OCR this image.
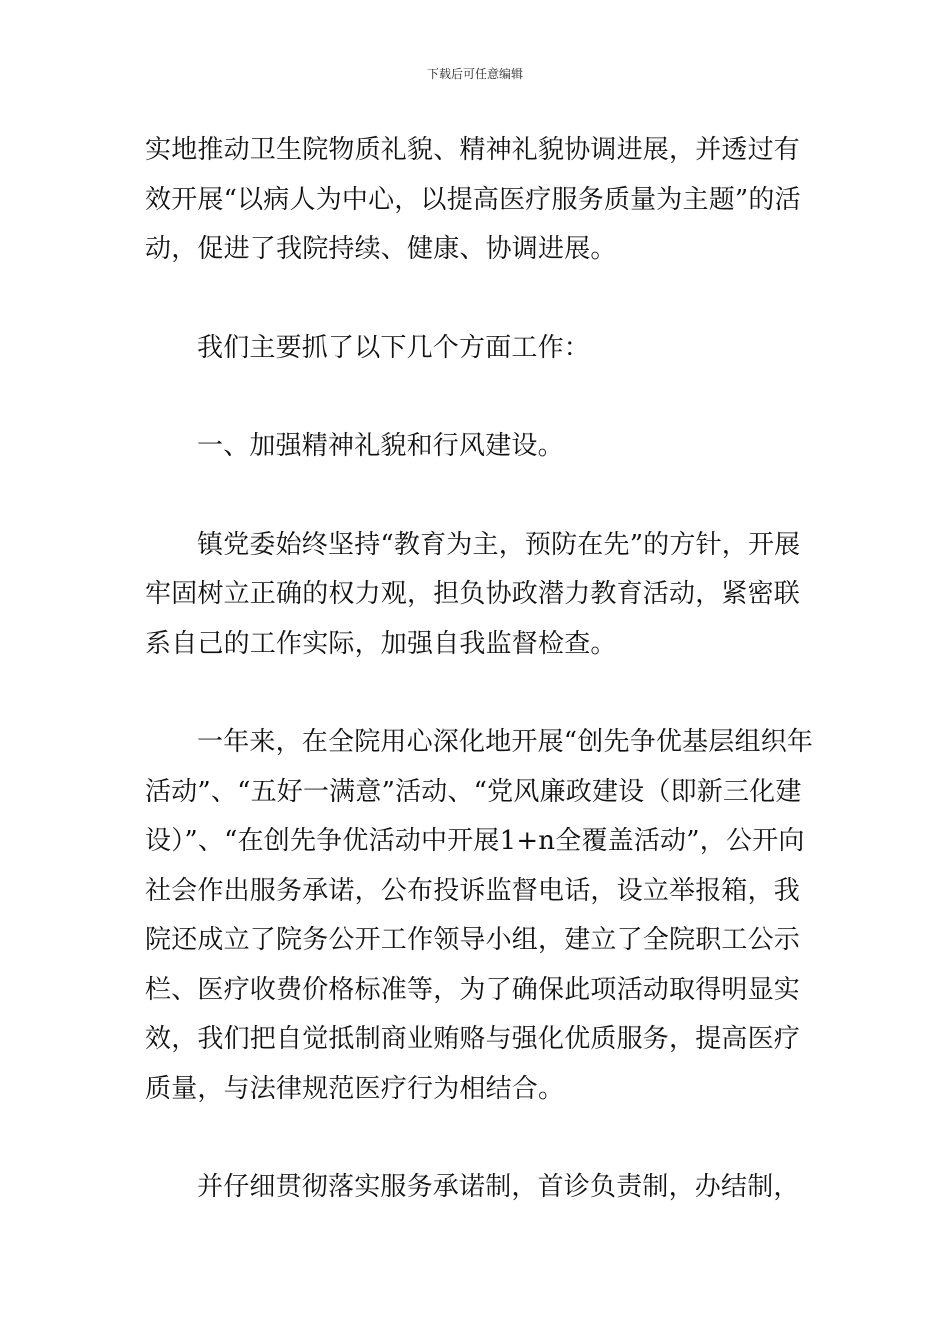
下载后可任意编辑

实地推动卫生院物质礼貌、精神礼貌协调进展，并透过有效开展“以病人为中心，以提高医疗服务质量为主题”的活动，促进了我院持续、健康、协调进展。

我们主要抓了以下几个方面工作：

一、加强精神礼貌和行风建设。

镇党委始终坚持“教育为主，预防在先”的方针，开展牢固树立正确的权力观，担负协政潜力教育活动，紧密联系自己的工作实际，加强自我监督检查。

一年来，在全院用心深化地开展“创先争优基层组织年活动”、“五好一满意”活动、“党风廉政建设（即新三化建设）”、“在创先争优活动中开展1+n全覆盖活动”，公开向社会作出服务承诺，公布投诉监督电话，设立举报箱，我院还成立了院务公开工作领导小组，建立了全院职工公示栏、医疗收费价格标准等，为了确保此项活动取得明显实效，我们把自觉抵制商业贿赂与强化优质服务，提高医疗质量，与法律规范医疗行为相结合。

并仔细贯彻落实服务承诺制，首诊负责制，办结制，
